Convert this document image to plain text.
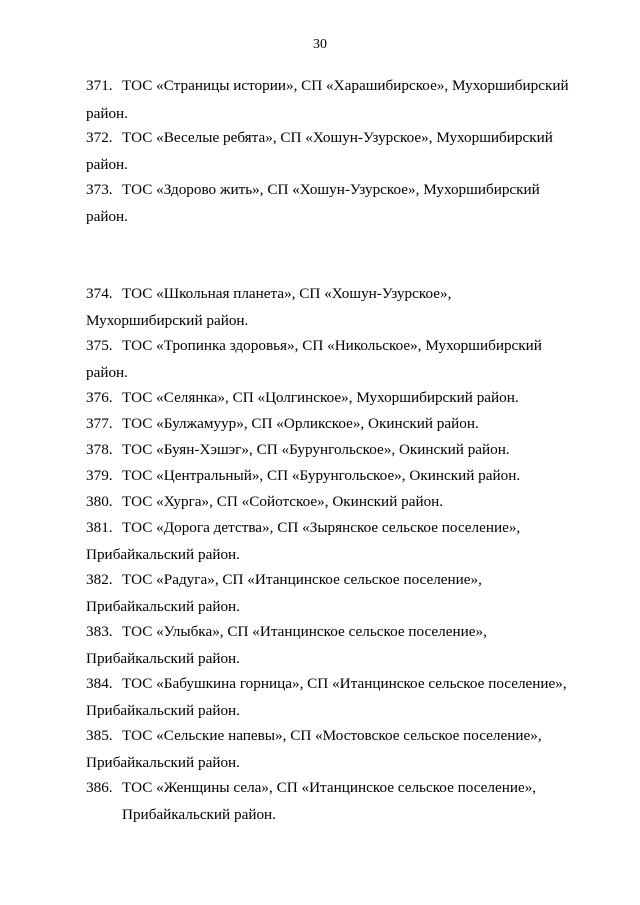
30
371. ТОС «Страницы истории», СП «Харашибирское», Мухоршибирский
район.
372. ТОС «Веселые ребята», СП «Хошун-Узурское», Мухоршибирский
район.
373. ТОС «Здорово жить», СП «Хошун-Узурское», Мухоршибирский
район.
374. ТОС «Школьная планета», СП «Хошун-Узурское»,
Мухоршибирский район.
375. ТОС «Тропинка здоровья», СП «Никольское», Мухоршибирский
район.
376. ТОС «Селянка», СП «Цолгинское», Мухоршибирский район.
377. ТОС «Булжамуур», СП «Орликское», Окинский район.
378. ТОС «Буян-Хэшэг», СП «Бурунгольское», Окинский район.
379. ТОС «Центральный», СП «Бурунгольское», Окинский район.
380. ТОС «Хурга», СП «Сойотское», Окинский район.
381. ТОС «Дорога детства», СП «Зырянское сельское поселение»,
Прибайкальский район.
382. ТОС «Радуга», СП «Итанцинское сельское поселение»,
Прибайкальский район.
383. ТОС «Улыбка», СП «Итанцинское сельское поселение»,
Прибайкальский район.
384. ТОС «Бабушкина горница», СП «Итанцинское сельское поселение»,
Прибайкальский район.
385. ТОС «Сельские напевы», СП «Мостовское сельское поселение»,
Прибайкальский район.
386. ТОС «Женщины села», СП «Итанцинское сельское поселение»,
Прибайкальский район.
